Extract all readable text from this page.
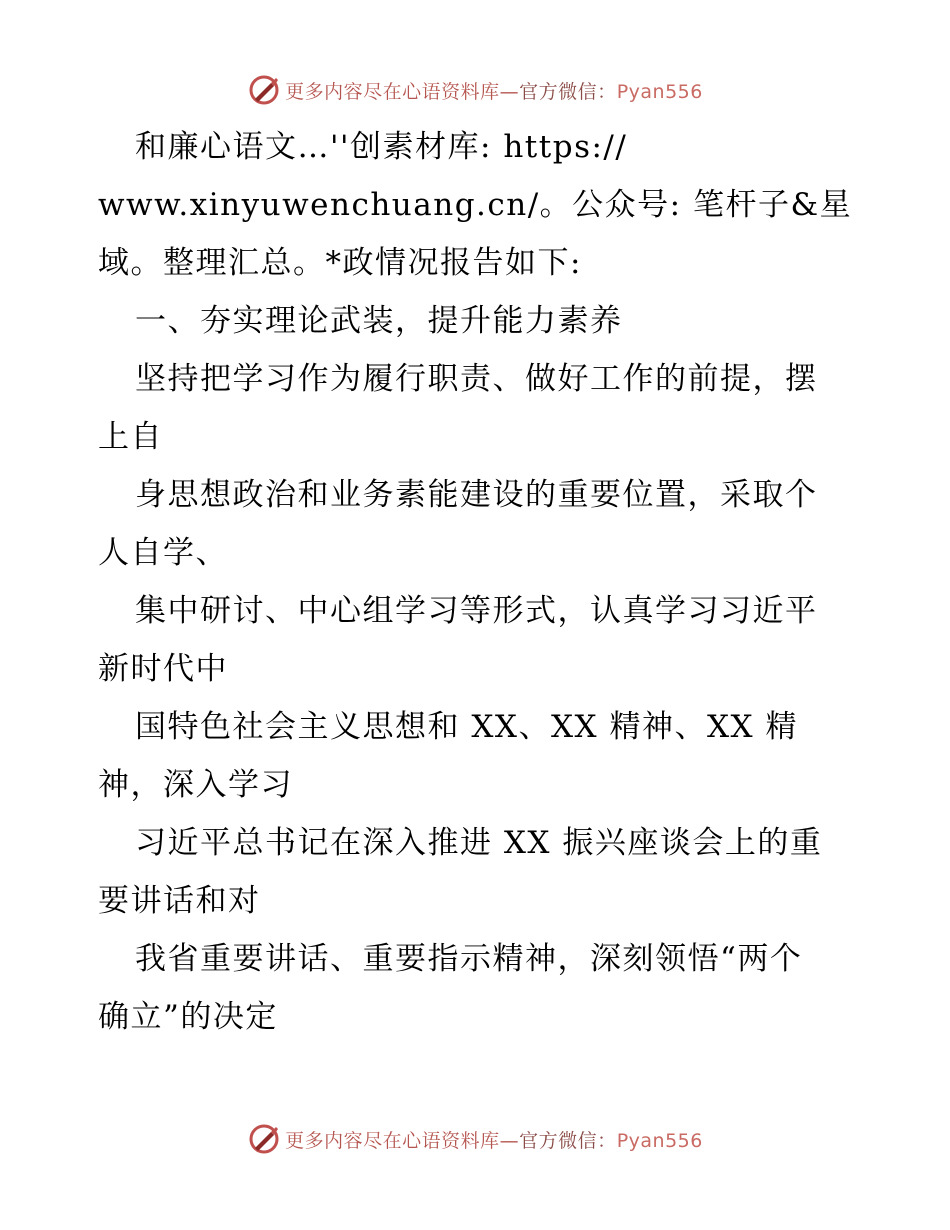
更多内容尽在心语资料库—官方微信：Pyan556
和廉心语文…''创素材库: https://
www.xinyuwenchuang.cn/。公众号: 笔杆子&星
域。整理汇总。*政情况报告如下:
一、夯实理论武装，提升能力素养
坚持把学习作为履行职责、做好工作的前提，摆
上自
身思想政治和业务素能建设的重要位置，采取个
人自学、
集中研讨、中心组学习等形式，认真学习习近平
新时代中
国特色社会主义思想和 XX、XX 精神、XX 精
神，深入学习
习近平总书记在深入推进 XX 振兴座谈会上的重
要讲话和对
我省重要讲话、重要指示精神，深刻领悟“两个
确立”的决定
更多内容尽在心语资料库—官方微信：Pyan556
